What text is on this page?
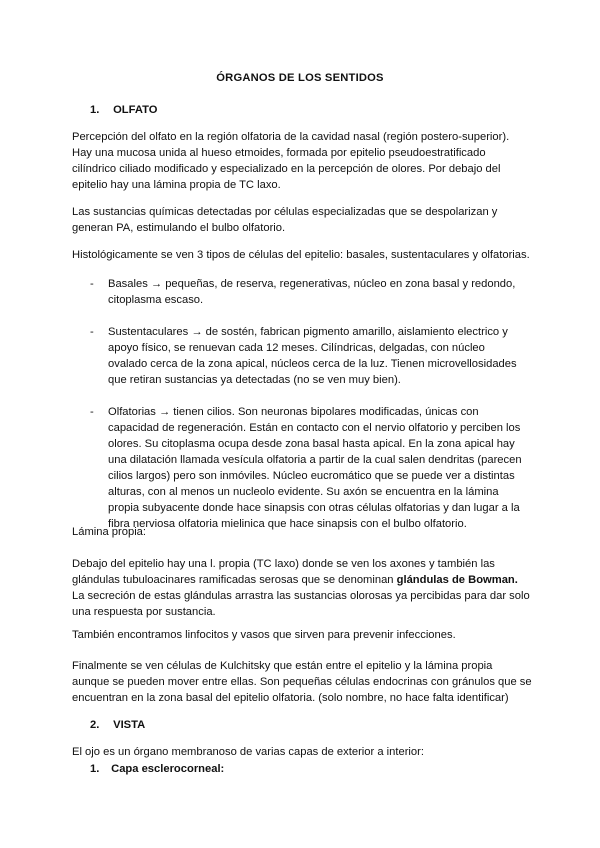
ÓRGANOS DE LOS SENTIDOS
1. OLFATO

Percepción del olfato en la región olfatoria de la cavidad nasal (región postero-superior). Hay una mucosa unida al hueso etmoides, formada por epitelio pseudoestratificado cilíndrico ciliado modificado y especializado en la percepción de olores. Por debajo del epitelio hay una lámina propia de TC laxo.

Las sustancias químicas detectadas por células especializadas que se despolarizan y generan PA, estimulando el bulbo olfatorio.

Histológicamente se ven 3 tipos de células del epitelio: basales, sustentaculares y olfatorias.

- Basales → pequeñas, de reserva, regenerativas, núcleo en zona basal y redondo, citoplasma escaso.
- Sustentaculares → de sostén, fabrican pigmento amarillo, aislamiento electrico y apoyo físico, se renuevan cada 12 meses. Cilíndricas, delgadas, con núcleo ovalado cerca de la zona apical, núcleos cerca de la luz. Tienen microvellosidades que retiran sustancias ya detectadas (no se ven muy bien).
- Olfatorias → tienen cilios. Son neuronas bipolares modificadas, únicas con capacidad de regeneración. Están en contacto con el nervio olfatorio y perciben los olores. Su citoplasma ocupa desde zona basal hasta apical. En la zona apical hay una dilatación llamada vesícula olfatoria a partir de la cual salen dendritas (parecen cilios largos) pero son inmóviles. Núcleo eucromático que se puede ver a distintas alturas, con al menos un nucleolo evidente. Su axón se encuentra en la lámina propia subyacente donde hace sinapsis con otras células olfatorias y dan lugar a la fibra nerviosa olfatoria mielinica que hace sinapsis con el bulbo olfatorio.

Lámina propia:

Debajo del epitelio hay una l. propia (TC laxo) donde se ven los axones y también las glándulas tubuloacinares ramificadas serosas que se denominan glándulas de Bowman. La secreción de estas glándulas arrastra las sustancias olorosas ya percibidas para dar solo una respuesta por sustancia.

También encontramos linfocitos y vasos que sirven para prevenir infecciones.

Finalmente se ven células de Kulchitsky que están entre el epitelio y la lámina propia aunque se pueden mover entre ellas. Son pequeñas células endocrinas con gránulos que se encuentran en la zona basal del epitelio olfatoria. (solo nombre, no hace falta identificar)

2. VISTA

El ojo es un órgano membranoso de varias capas de exterior a interior:

1. Capa esclerocorneal:
